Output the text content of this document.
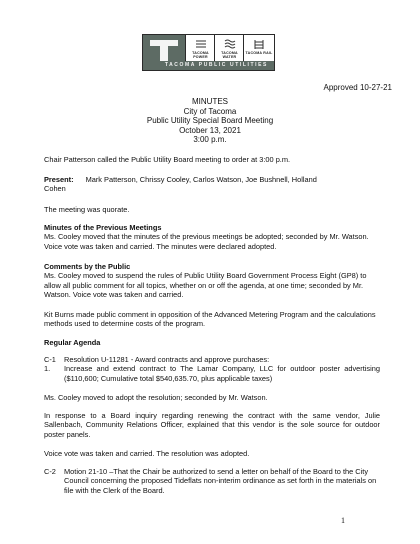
TACOMA POWER
TACOMA WATER
TACOMA RAIL
TACOMA PUBLIC UTILITIES
Approved 10-27-21
MINUTES
City of Tacoma
Public Utility Special Board Meeting
October 13, 2021
3:00 p.m.
Chair Patterson called the Public Utility Board meeting to order at 3:00 p.m.
Present: Mark Patterson, Chrissy Cooley, Carlos Watson, Joe Bushnell, Holland
Cohen
The meeting was quorate.
Minutes of the Previous Meetings
Ms. Cooley moved that the minutes of the previous meetings be adopted; seconded by Mr. Watson. Voice vote was taken and carried. The minutes were declared adopted.
Comments by the Public
Ms. Cooley moved to suspend the rules of Public Utility Board Government Process Eight (GP8) to allow all public comment for all topics, whether on or off the agenda, at one time; seconded by Mr. Watson. Voice vote was taken and carried.
Kit Burns made public comment in opposition of the Advanced Metering Program and the calculations methods used to determine costs of the program.
Regular Agenda
C-1	Resolution U-11281 - Award contracts and approve purchases:
1.	Increase and extend contract to The Lamar Company, LLC for outdoor poster advertising ($110,600; Cumulative total $540,635.70, plus applicable taxes)
Ms. Cooley moved to adopt the resolution; seconded by Mr. Watson.
In response to a Board inquiry regarding renewing the contract with the same vendor, Julie Sallenbach, Community Relations Officer, explained that this vendor is the sole source for outdoor poster panels.
Voice vote was taken and carried. The resolution was adopted.
C-2	Motion 21-10 –That the Chair be authorized to send a letter on behalf of the Board to the City Council concerning the proposed Tideflats non-interim ordinance as set forth in the materials on file with the Clerk of the Board.
1
